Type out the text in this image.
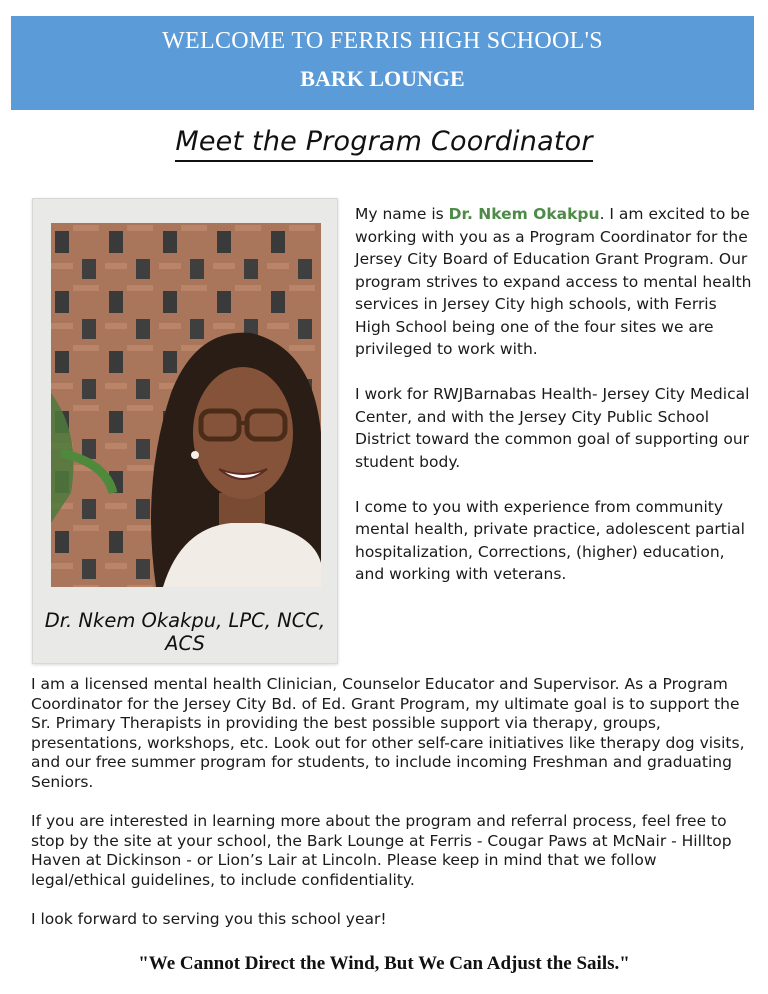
WELCOME TO FERRIS HIGH SCHOOL'S
BARK LOUNGE
Meet the Program Coordinator
Dr. Nkem Okakpu, LPC, NCC, ACS

My name is Dr. Nkem Okakpu. I am excited to be working with you as a Program Coordinator for the Jersey City Board of Education Grant Program. Our program strives to expand access to mental health services in Jersey City high schools, with Ferris High School being one of the four sites we are privileged to work with.

I work for RWJBarnabas Health- Jersey City Medical Center, and with the Jersey City Public School District toward the common goal of supporting our student body.

I come to you with experience from community mental health, private practice, adolescent partial hospitalization, Corrections, (higher) education, and working with veterans.

I am a licensed mental health Clinician, Counselor Educator and Supervisor. As a Program Coordinator for the Jersey City Bd. of Ed. Grant Program, my ultimate goal is to support the Sr. Primary Therapists in providing the best possible support via therapy, groups, presentations, workshops, etc. Look out for other self-care initiatives like therapy dog visits, and our free summer program for students, to include incoming Freshman and graduating Seniors.

If you are interested in learning more about the program and referral process, feel free to stop by the site at your school, the Bark Lounge at Ferris - Cougar Paws at McNair - Hilltop Haven at Dickinson - or Lion’s Lair at Lincoln. Please keep in mind that we follow legal/ethical guidelines, to include confidentiality.

I look forward to serving you this school year!

"We Cannot Direct the Wind, But We Can Adjust the Sails."
